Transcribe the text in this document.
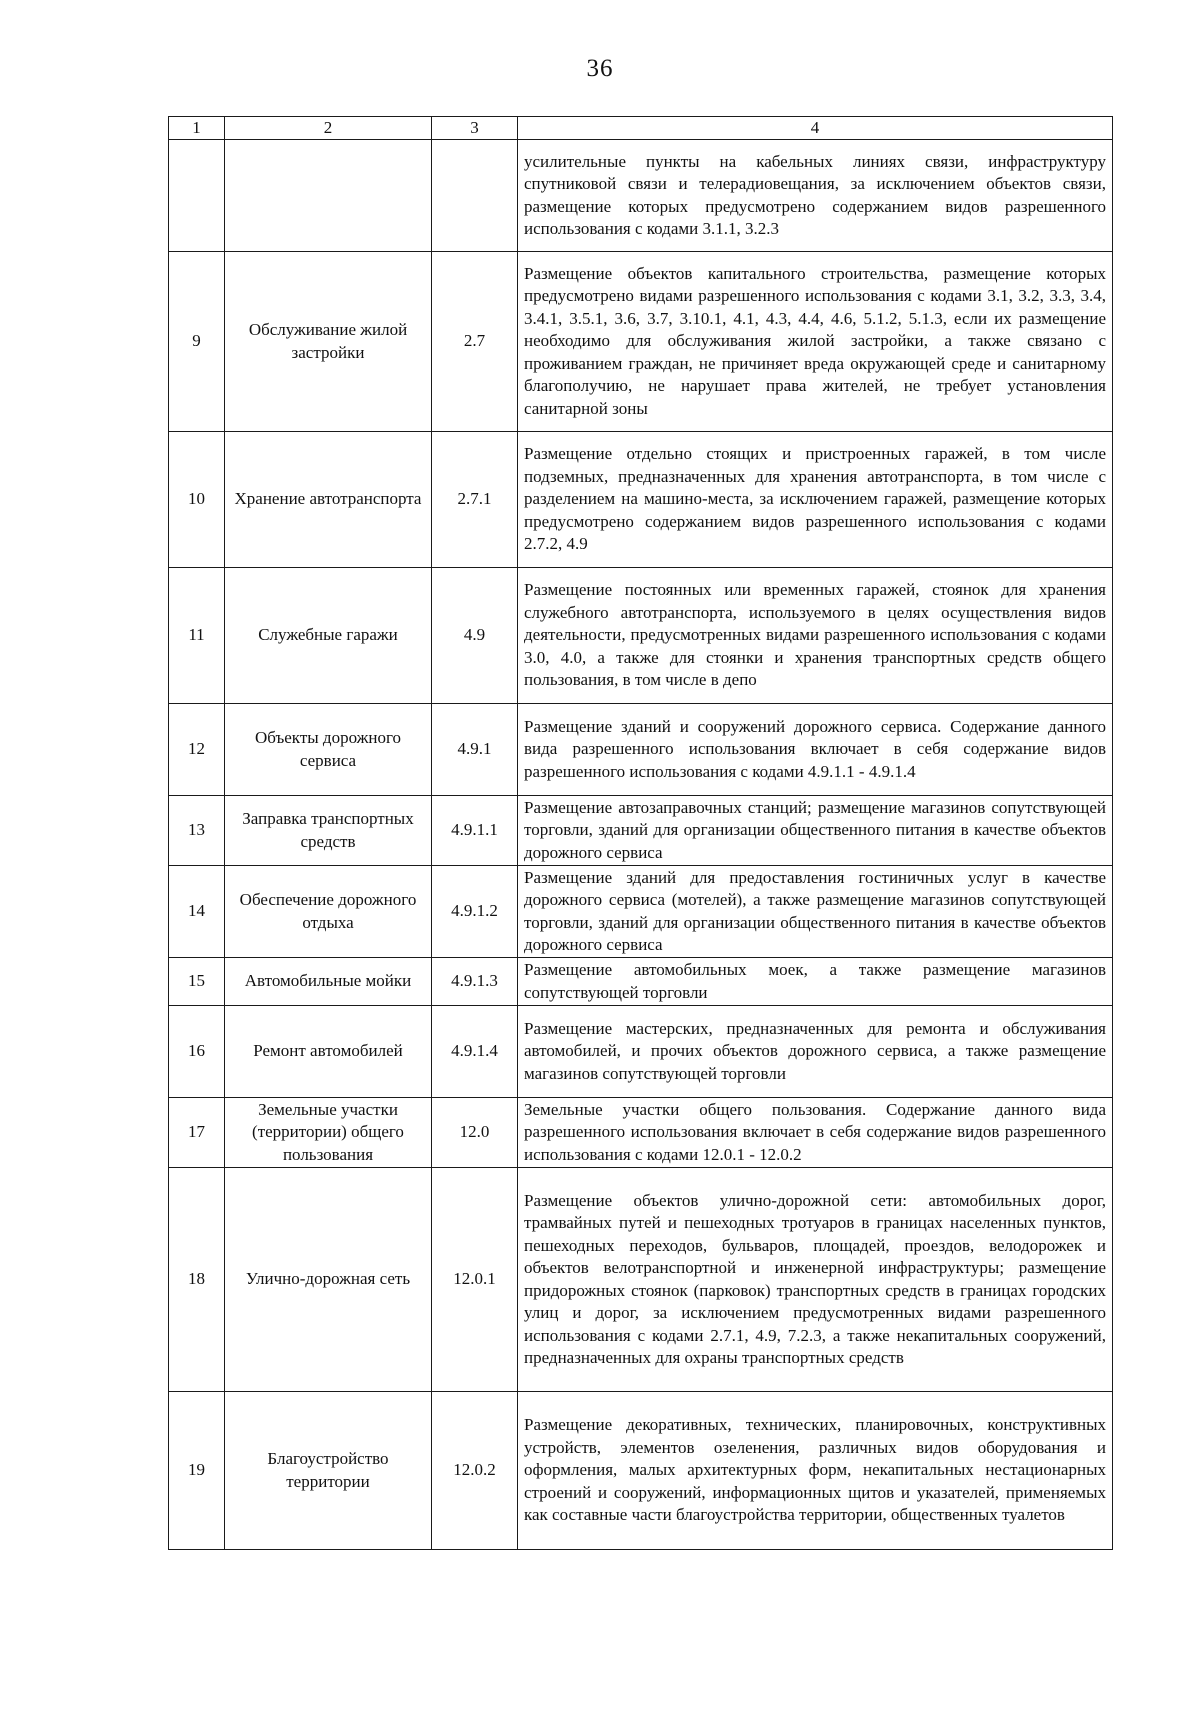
36
1	2	3	4
			усилительные пункты на кабельных линиях связи, инфраструктуру спутниковой связи и телерадиовещания, за исключением объектов связи, размещение которых предусмотрено содержанием видов разрешенного использования с кодами 3.1.1, 3.2.3
9	Обслуживание жилой застройки	2.7	Размещение объектов капитального строительства, размещение которых предусмотрено видами разрешенного использования с кодами 3.1, 3.2, 3.3, 3.4, 3.4.1, 3.5.1, 3.6, 3.7, 3.10.1, 4.1, 4.3, 4.4, 4.6, 5.1.2, 5.1.3, если их размещение необходимо для обслуживания жилой застройки, а также связано с проживанием граждан, не причиняет вреда окружающей среде и санитарному благополучию, не нарушает права жителей, не требует установления санитарной зоны
10	Хранение автотранспорта	2.7.1	Размещение отдельно стоящих и пристроенных гаражей, в том числе подземных, предназначенных для хранения автотранспорта, в том числе с разделением на машино-места, за исключением гаражей, размещение которых предусмотрено содержанием видов разрешенного использования с кодами 2.7.2, 4.9
11	Служебные гаражи	4.9	Размещение постоянных или временных гаражей, стоянок для хранения служебного автотранспорта, используемого в целях осуществления видов деятельности, предусмотренных видами разрешенного использования с кодами 3.0, 4.0, а также для стоянки и хранения транспортных средств общего пользования, в том числе в депо
12	Объекты дорожного сервиса	4.9.1	Размещение зданий и сооружений дорожного сервиса. Содержание данного вида разрешенного использования включает в себя содержание видов разрешенного использования с кодами 4.9.1.1 - 4.9.1.4
13	Заправка транспортных средств	4.9.1.1	Размещение автозаправочных станций; размещение магазинов сопутствующей торговли, зданий для организации общественного питания в качестве объектов дорожного сервиса
14	Обеспечение дорожного отдыха	4.9.1.2	Размещение зданий для предоставления гостиничных услуг в качестве дорожного сервиса (мотелей), а также размещение магазинов сопутствующей торговли, зданий для организации общественного питания в качестве объектов дорожного сервиса
15	Автомобильные мойки	4.9.1.3	Размещение автомобильных моек, а также размещение магазинов сопутствующей торговли
16	Ремонт автомобилей	4.9.1.4	Размещение мастерских, предназначенных для ремонта и обслуживания автомобилей, и прочих объектов дорожного сервиса, а также размещение магазинов сопутствующей торговли
17	Земельные участки (территории) общего пользования	12.0	Земельные участки общего пользования. Содержание данного вида разрешенного использования включает в себя содержание видов разрешенного использования с кодами 12.0.1 - 12.0.2
18	Улично-дорожная сеть	12.0.1	Размещение объектов улично-дорожной сети: автомобильных дорог, трамвайных путей и пешеходных тротуаров в границах населенных пунктов, пешеходных переходов, бульваров, площадей, проездов, велодорожек и объектов велотранспортной и инженерной инфраструктуры; размещение придорожных стоянок (парковок) транспортных средств в границах городских улиц и дорог, за исключением предусмотренных видами разрешенного использования с кодами 2.7.1, 4.9, 7.2.3, а также некапитальных сооружений, предназначенных для охраны транспортных средств
19	Благоустройство территории	12.0.2	Размещение декоративных, технических, планировочных, конструктивных устройств, элементов озеленения, различных видов оборудования и оформления, малых архитектурных форм, некапитальных нестационарных строений и сооружений, информационных щитов и указателей, применяемых как составные части благоустройства территории, общественных туалетов
